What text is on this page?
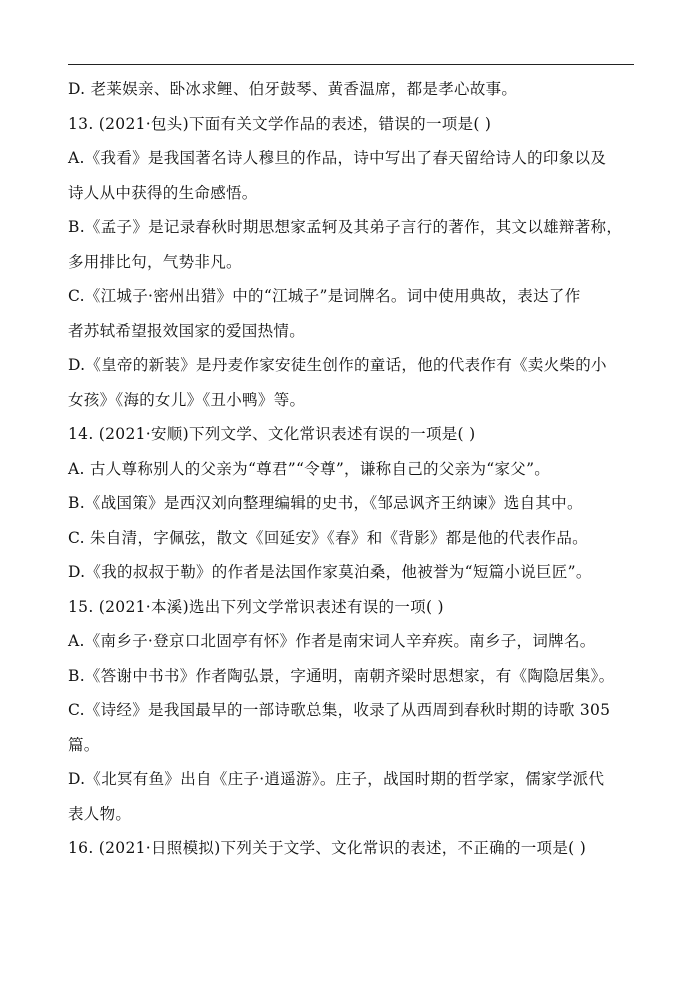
D. 老莱娱亲、卧冰求鲤、伯牙鼓琴、黄香温席，都是孝心故事。
13. (2021·包头)下面有关文学作品的表述，错误的一项是( )
A.《我看》是我国著名诗人穆旦的作品，诗中写出了春天留给诗人的印象以及
诗人从中获得的生命感悟。
B.《孟子》是记录春秋时期思想家孟轲及其弟子言行的著作，其文以雄辩著称，
多用排比句，气势非凡。
C.《江城子·密州出猎》中的“江城子”是词牌名。词中使用典故，表达了作
者苏轼希望报效国家的爱国热情。
D.《皇帝的新装》是丹麦作家安徒生创作的童话，他的代表作有《卖火柴的小
女孩》《海的女儿》《丑小鸭》等。
14. (2021·安顺)下列文学、文化常识表述有误的一项是( )
A. 古人尊称别人的父亲为“尊君”“令尊”，谦称自己的父亲为“家父”。
B.《战国策》是西汉刘向整理编辑的史书，《邹忌讽齐王纳谏》选自其中。
C. 朱自清，字佩弦，散文《回延安》《春》和《背影》都是他的代表作品。
D.《我的叔叔于勒》的作者是法国作家莫泊桑，他被誉为“短篇小说巨匠”。
15. (2021·本溪)选出下列文学常识表述有误的一项( )
A.《南乡子·登京口北固亭有怀》作者是南宋词人辛弃疾。南乡子，词牌名。
B.《答谢中书书》作者陶弘景，字通明，南朝齐梁时思想家，有《陶隐居集》。
C.《诗经》是我国最早的一部诗歌总集，收录了从西周到春秋时期的诗歌 305
篇。
D.《北冥有鱼》出自《庄子·逍遥游》。庄子，战国时期的哲学家，儒家学派代
表人物。
16. (2021·日照模拟)下列关于文学、文化常识的表述，不正确的一项是( )
